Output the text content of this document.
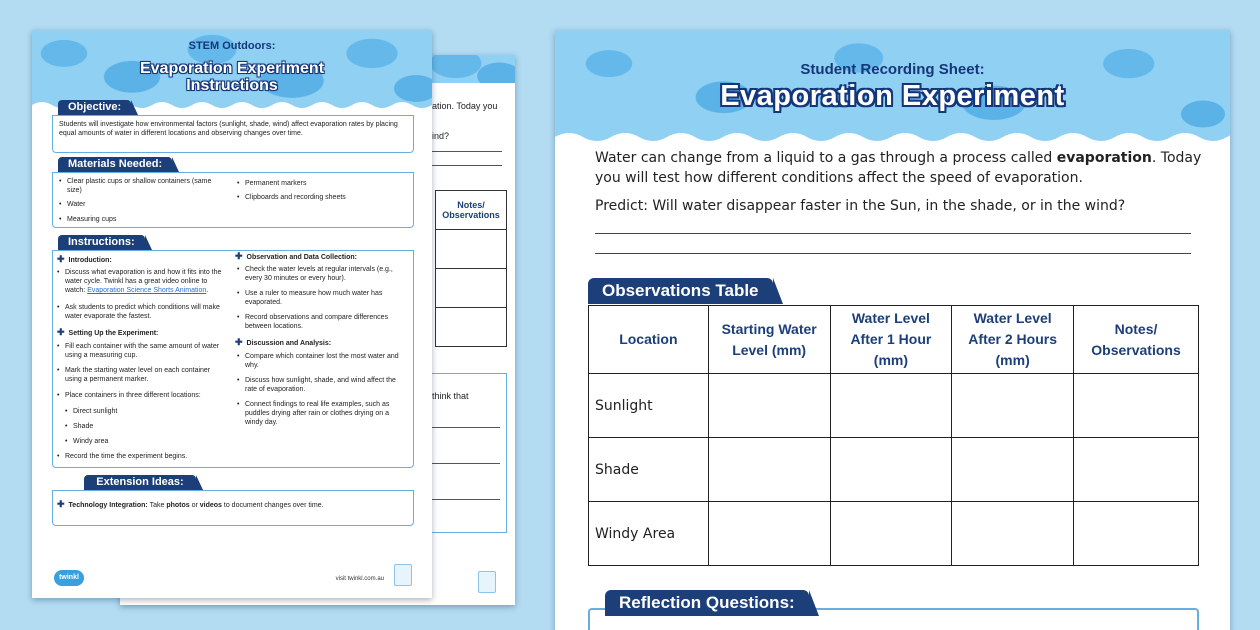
ation. Today you
ind?
Notes/ Observations

think that
STEM Outdoors:
Evaporation Experiment
Instructions
Objective:
Students will investigate how environmental factors (sunlight, shade, wind) affect evaporation rates by placing equal amounts of water in different locations and observing changes over time.
Materials Needed:
• Clear plastic cups or shallow containers (same size)
• Water
• Measuring cups
• Permanent markers
• Clipboards and recording sheets
Instructions:
✚ Introduction:
• Discuss what evaporation is and how it fits into the water cycle. Twinkl has a great video online to watch: Evaporation Science Shorts Animation.
• Ask students to predict which conditions will make water evaporate the fastest.
✚ Setting Up the Experiment:
• Fill each container with the same amount of water using a measuring cup.
• Mark the starting water level on each container using a permanent marker.
• Place containers in three different locations:
• Direct sunlight
• Shade
• Windy area
• Record the time the experiment begins.
✚ Observation and Data Collection:
• Check the water levels at regular intervals (e.g., every 30 minutes or every hour).
• Use a ruler to measure how much water has evaporated.
• Record observations and compare differences between locations.
✚ Discussion and Analysis:
• Compare which container lost the most water and why.
• Discuss how sunlight, shade, and wind affect the rate of evaporation.
• Connect findings to real life examples, such as puddles drying after rain or clothes drying on a windy day.
Extension Ideas:
✚ Technology Integration: Take photos or videos to document changes over time.
twinkl	visit twinkl.com.au
Student Recording Sheet:
Evaporation Experiment
Water can change from a liquid to a gas through a process called evaporation. Today you will test how different conditions affect the speed of evaporation.
Predict: Will water disappear faster in the Sun, in the shade, or in the wind?
Observations Table
Location	Starting Water Level (mm)	Water Level After 1 Hour (mm)	Water Level After 2 Hours (mm)	Notes/ Observations
Sunlight				
Shade				
Windy Area				
Reflection Questions:
